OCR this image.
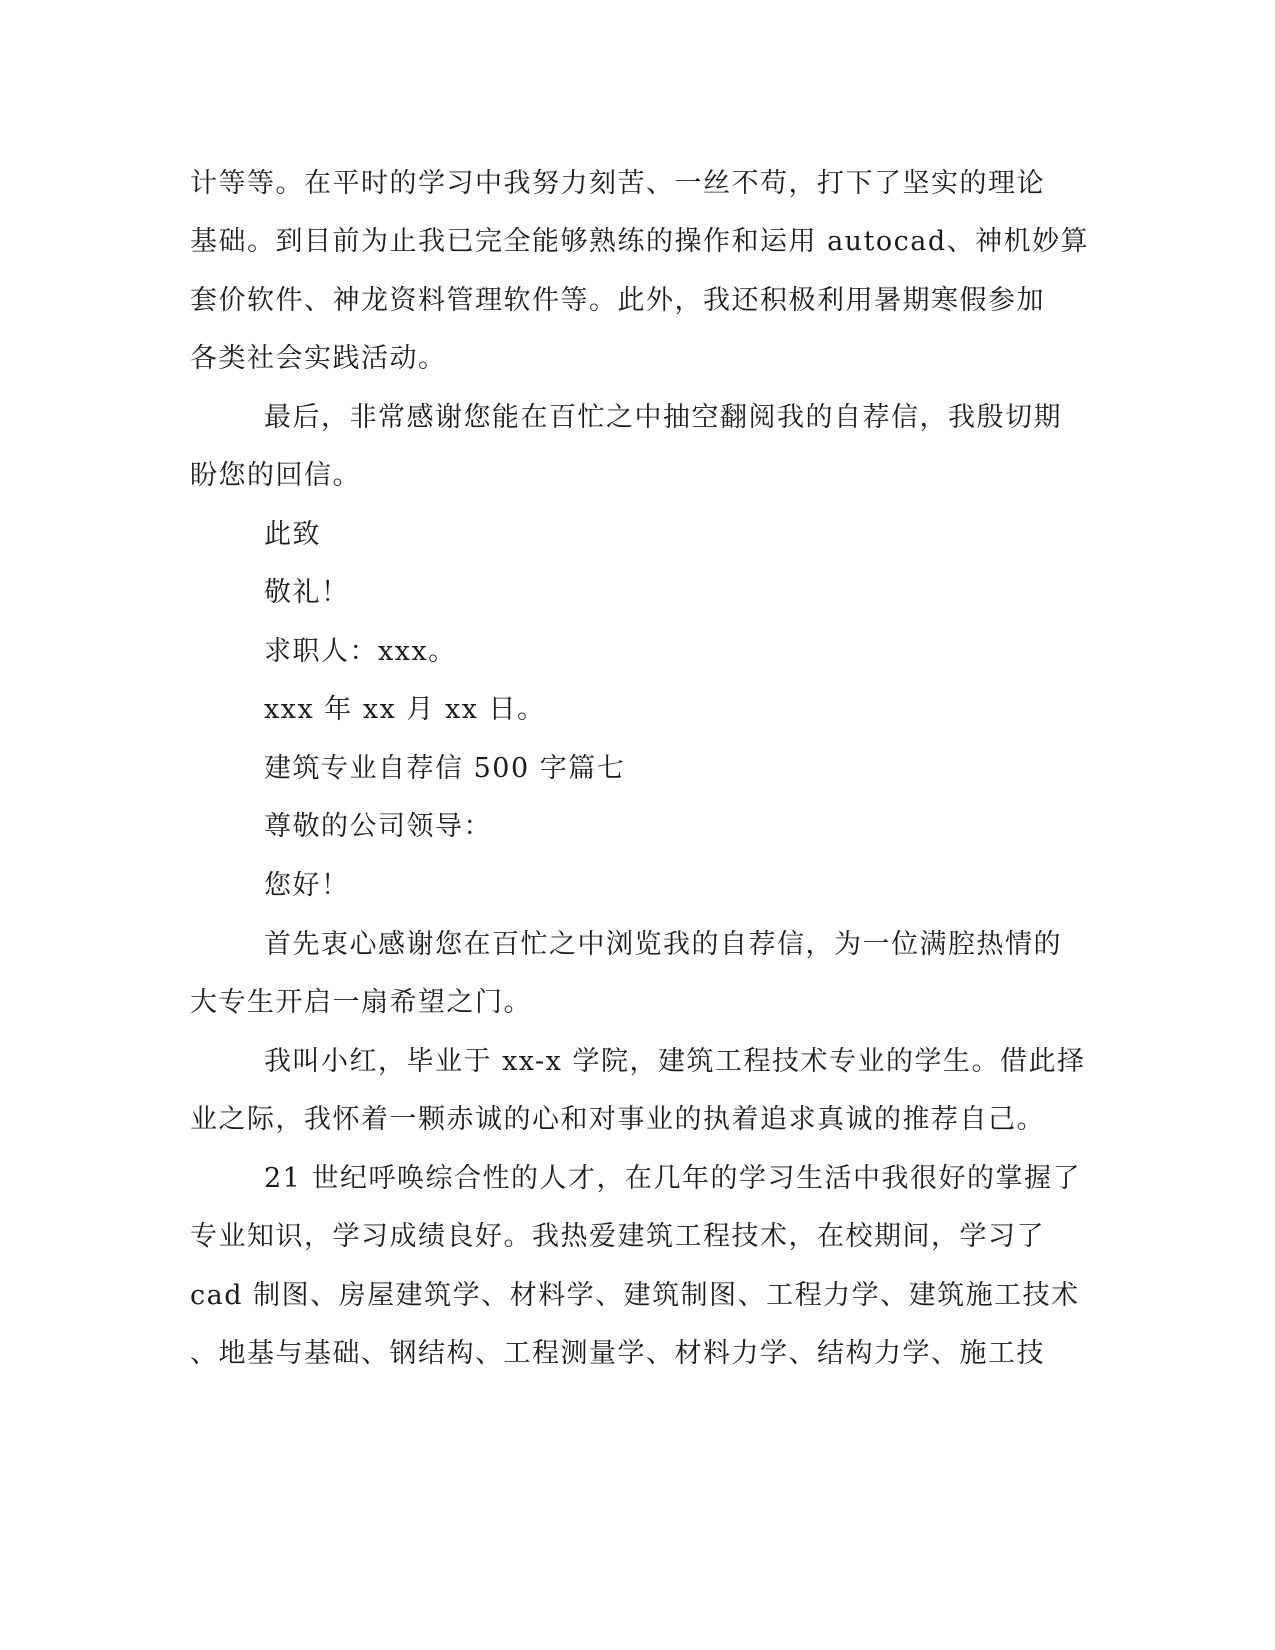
计等等。在平时的学习中我努力刻苦、一丝不苟，打下了坚实的理论
基础。到目前为止我已完全能够熟练的操作和运用 autocad、神机妙算
套价软件、神龙资料管理软件等。此外，我还积极利用暑期寒假参加
各类社会实践活动。
最后，非常感谢您能在百忙之中抽空翻阅我的自荐信，我殷切期
盼您的回信。
此致
敬礼！
求职人：xxx。
xxx 年 xx 月 xx 日。
建筑专业自荐信 500 字篇七
尊敬的公司领导：
您好！
首先衷心感谢您在百忙之中浏览我的自荐信，为一位满腔热情的
大专生开启一扇希望之门。
我叫小红，毕业于 xx-x 学院，建筑工程技术专业的学生。借此择
业之际，我怀着一颗赤诚的心和对事业的执着追求真诚的推荐自己。
21 世纪呼唤综合性的人才，在几年的学习生活中我很好的掌握了
专业知识，学习成绩良好。我热爱建筑工程技术，在校期间，学习了
cad 制图、房屋建筑学、材料学、建筑制图、工程力学、建筑施工技术
、地基与基础、钢结构、工程测量学、材料力学、结构力学、施工技
